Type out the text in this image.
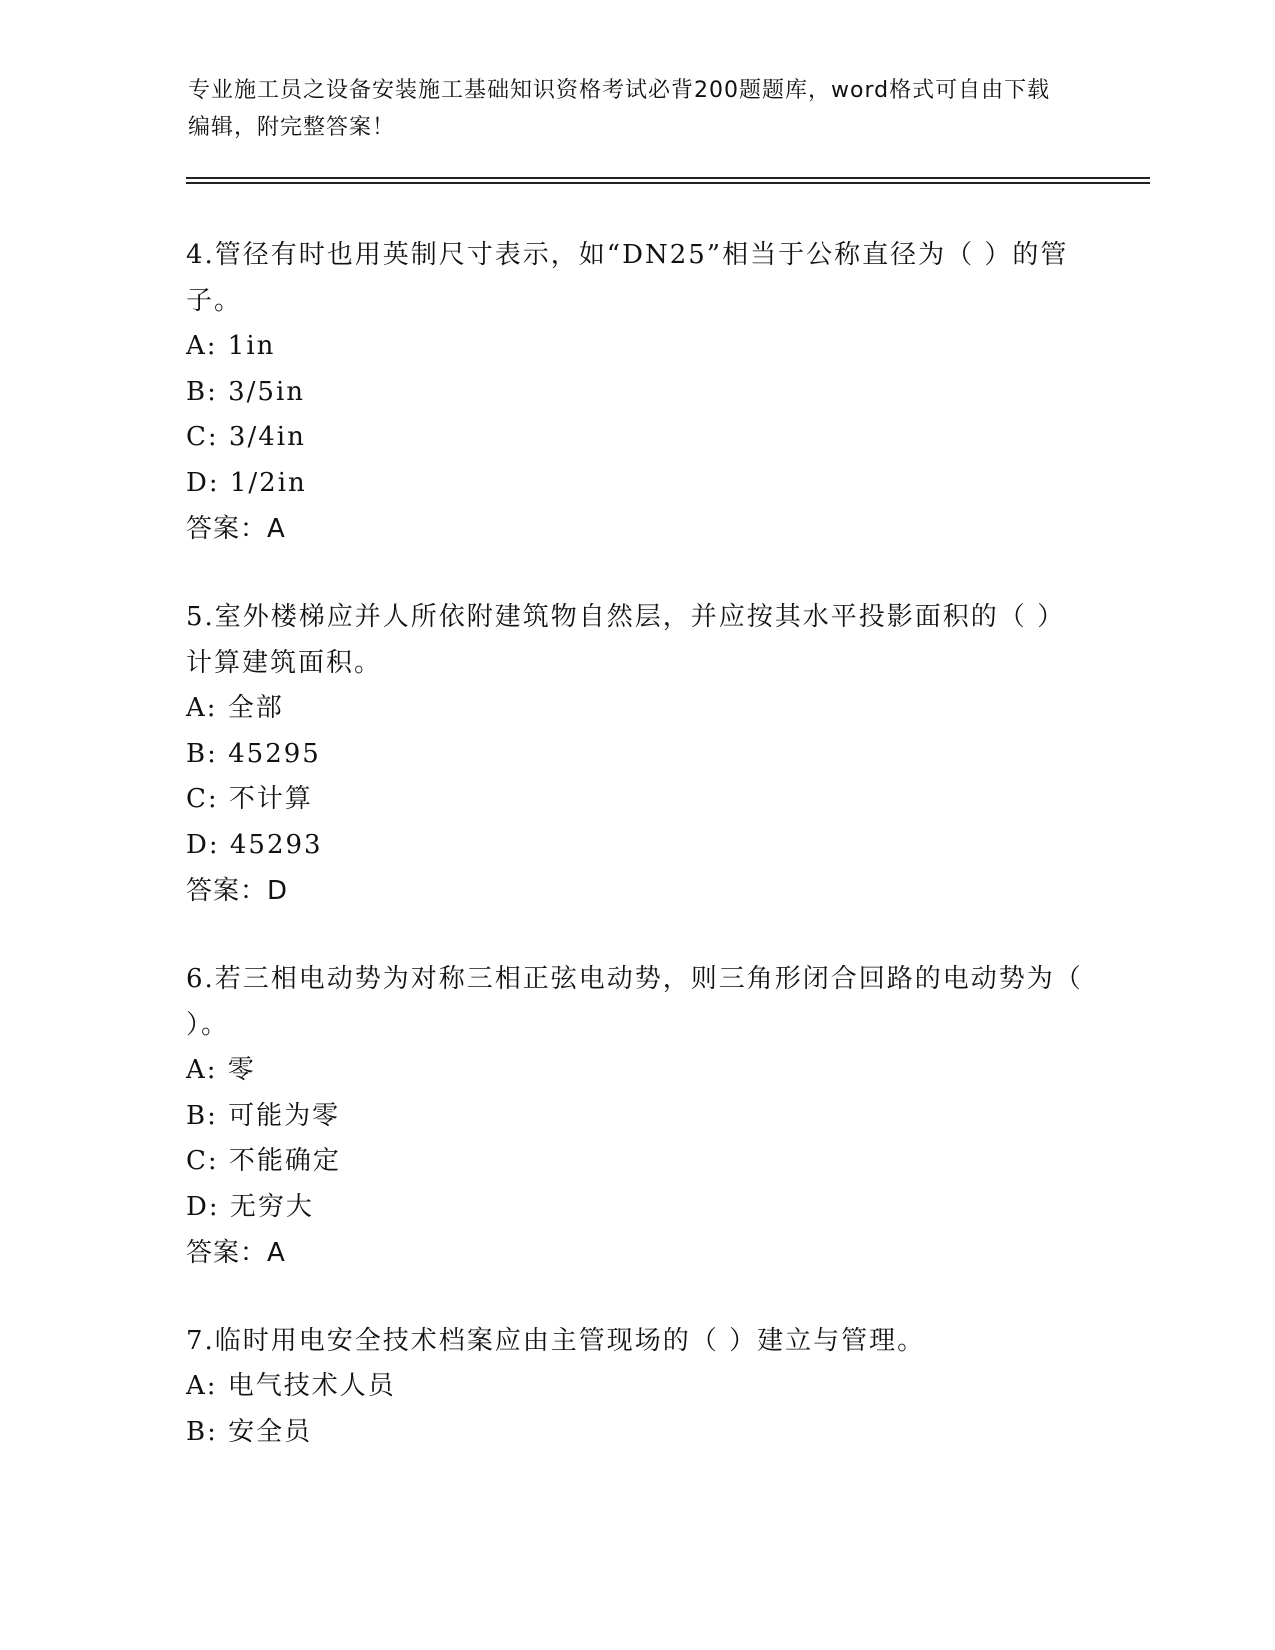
专业施工员之设备安装施工基础知识资格考试必背200题题库，word格式可自由下载编辑，附完整答案！
4.管径有时也用英制尺寸表示，如“DN25”相当于公称直径为（ ）的管子。
A: 1in
B: 3/5in
C: 3/4in
D: 1/2in
答案：A
5.室外楼梯应并人所依附建筑物自然层，并应按其水平投影面积的（ ）计算建筑面积。
A: 全部
B: 45295
C: 不计算
D: 45293
答案：D
6.若三相电动势为对称三相正弦电动势，则三角形闭合回路的电动势为（ ）。
A: 零
B: 可能为零
C: 不能确定
D: 无穷大
答案：A
7.临时用电安全技术档案应由主管现场的（ ）建立与管理。
A: 电气技术人员
B: 安全员
